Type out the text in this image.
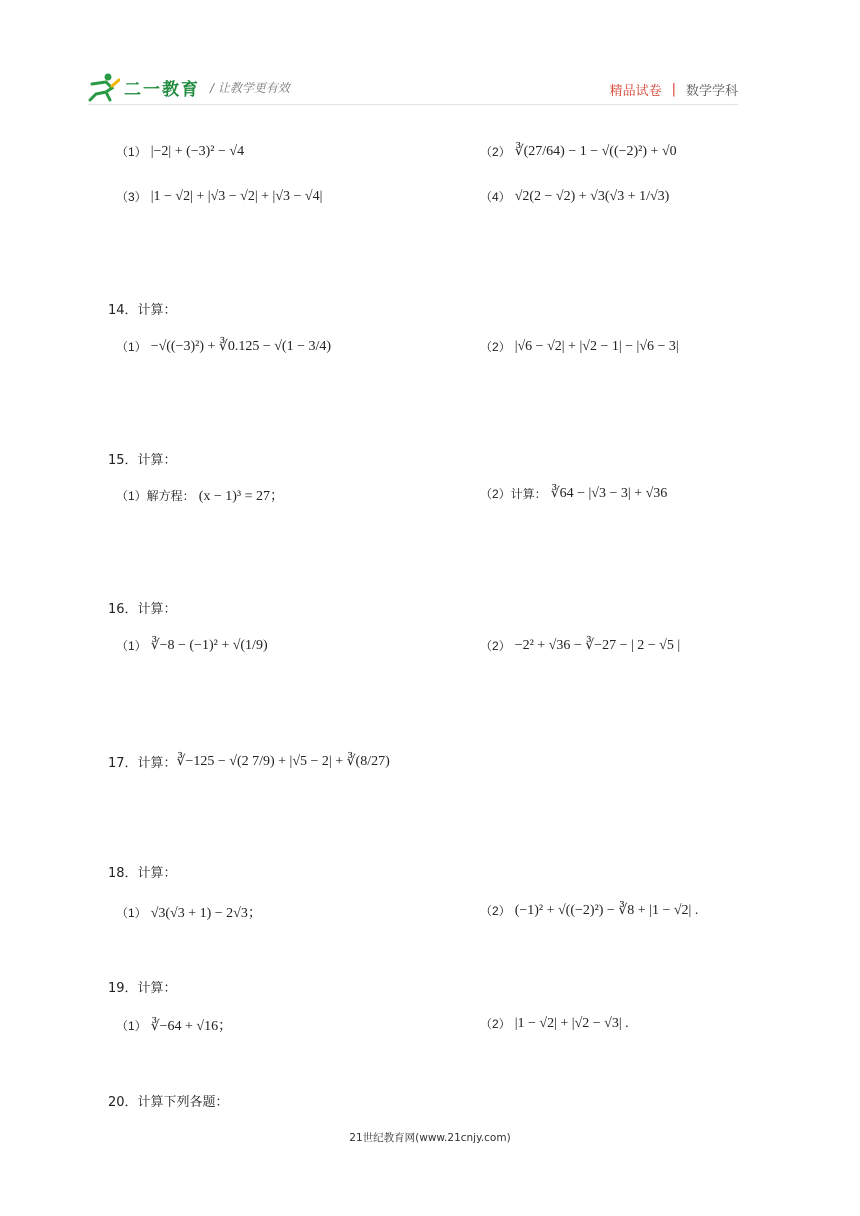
二一教育 / 让教学更有效	精品试卷 | 数学学科
（1） |−2| + (−3)² − √4	（2） ∛(27/64) − 1 − √((−2)²) + √0
（3） |1 − √2| + |√3 − √2| + |√3 − √4|	（4） √2(2 − √2) + √3(√3 + 1/√3)
14．计算：
（1） −√((−3)²) + ∛0.125 − √(1 − 3/4)	（2） |√6 − √2| + |√2 − 1| − |√6 − 3|
15．计算：
（1）解方程： (x − 1)³ = 27；	（2）计算： ∛64 − |√3 − 3| + √36
16．计算：
（1） ∛−8 − (−1)² + √(1/9)	（2） −2² + √36 − ∛−27 − | 2 − √5 |
17．计算： ∛−125 − √(2 7/9) + |√5 − 2| + ∛(8/27)
18．计算：
（1） √3(√3 + 1) − 2√3；	（2） (−1)² + √((−2)²) − ∛8 + |1 − √2| .
19．计算：
（1） ∛−64 + √16；	（2） |1 − √2| + |√2 − √3| .
20．计算下列各题：
21世纪教育网(www.21cnjy.com)
